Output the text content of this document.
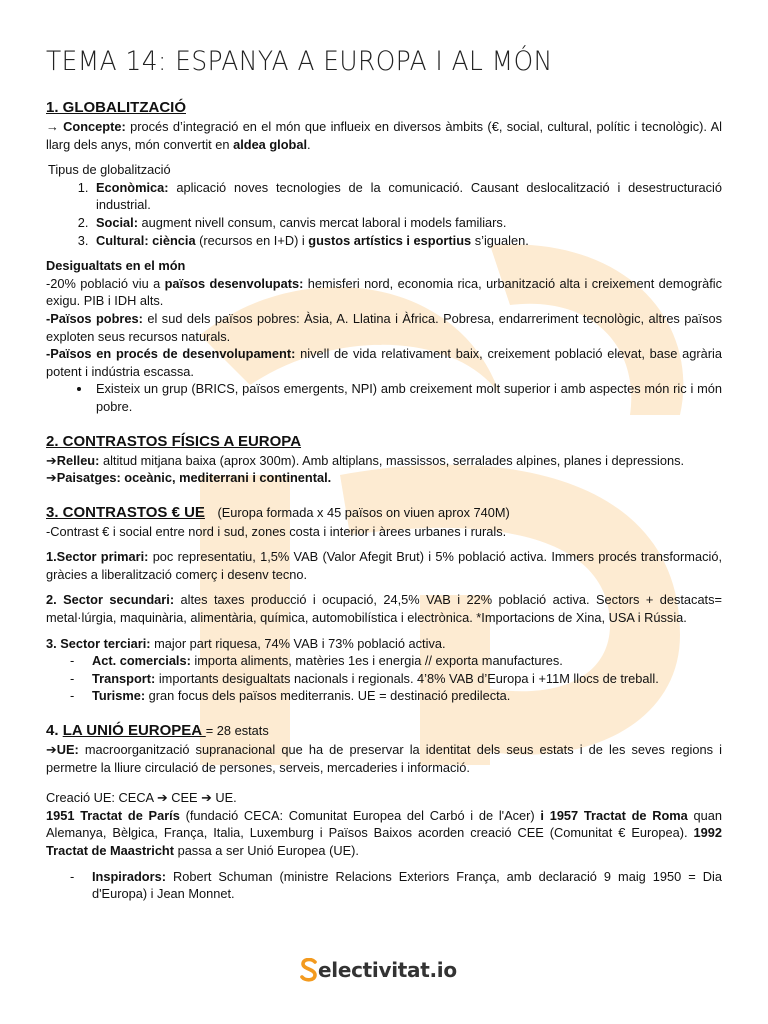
TEMA 14: ESPANYA A EUROPA I AL MÓN
1. GLOBALITZACIÓ

→ Concepte: procés d’integració en el món que influeix en diversos àmbits (€, social, cultural, polític i tecnològic). Al llarg dels anys, món convertit en aldea global.

Tipus de globalització
1. Econòmica: aplicació noves tecnologies de la comunicació. Causant deslocalització i desestructuració industrial.
2. Social: augment nivell consum, canvis mercat laboral i models familiars.
3. Cultural: ciència (recursos en I+D) i gustos artístics i esportius s’igualen.
Desigualtats en el món

-20% població viu a països desenvolupats: hemisferi nord, economia rica, urbanització alta i creixement demogràfic exigu. PIB i IDH alts.

-Països pobres: el sud dels països pobres: Àsia, A. Llatina i Àfrica. Pobresa, endarreriment tecnològic, altres països exploten seus recursos naturals.

-Països en procés de desenvolupament: nivell de vida relativament baix, creixement població elevat, base agrària potent i indústria escassa.

• Existeix un grup (BRICS, països emergents, NPI) amb creixement molt superior i amb aspectes món ric i món pobre.
2. CONTRASTOS FÍSICS A EUROPA

➔Relleu: altitud mitjana baixa (aprox 300m). Amb altiplans, massissos, serralades alpines, planes i depressions.

➔Paisatges: oceànic, mediterrani i continental.

3. CONTRASTOS € UE (Europa formada x 45 països on viuen aprox 740M)

-Contrast € i social entre nord i sud, zones costa i interior i àrees urbanes i rurals.

1.Sector primari: poc representatiu, 1,5% VAB (Valor Afegit Brut) i 5% població activa. Immers procés transformació, gràcies a liberalització comerç i desenv tecno.

2. Sector secundari: altes taxes producció i ocupació, 24,5% VAB i 22% població activa. Sectors + destacats= metal·lúrgia, maquinària, alimentària, química, automobilística i electrònica. *Importacions de Xina, USA i Rússia.

3. Sector terciari: major part riquesa, 74% VAB i 73% població activa.

- Act. comercials: importa aliments, matèries 1es i energia // exporta manufactures.
- Transport: importants desigualtats nacionals i regionals. 4’8% VAB d’Europa i +11M llocs de treball.
- Turisme: gran focus dels països mediterranis. UE = destinació predilecta.
4. LA UNIÓ EUROPEA = 28 estats

➔UE: macroorganització supranacional que ha de preservar la identitat dels seus estats i de les seves regions i permetre la lliure circulació de persones, serveis, mercaderies i informació.

Creació UE: CECA ➔ CEE ➔ UE.

1951 Tractat de París (fundació CECA: Comunitat Europea del Carbó i de l'Acer) i 1957 Tractat de Roma quan Alemanya, Bèlgica, França, Italia, Luxemburg i Països Baixos acorden creació CEE (Comunitat € Europea). 1992 Tractat de Maastricht passa a ser Unió Europea (UE).

- Inspiradors: Robert Schuman (ministre Relacions Exteriors França, amb declaració 9 maig 1950 = Dia d'Europa) i Jean Monnet.
electivitat.io
